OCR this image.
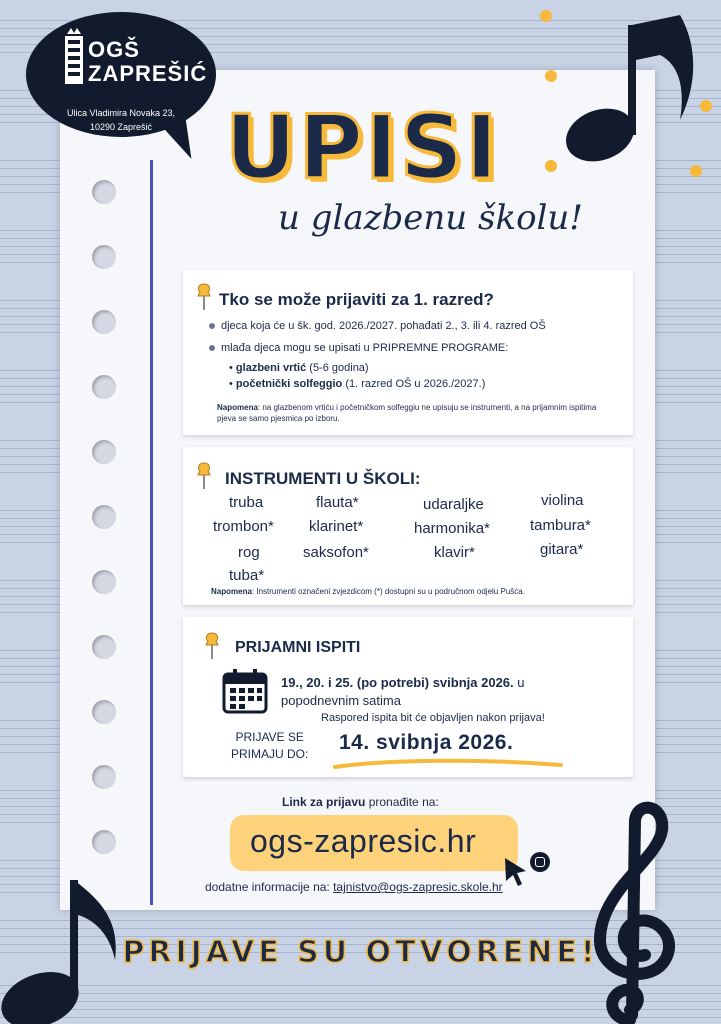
OGŠ
ZAPREŠIĆ
Ulica Vladimira Novaka 23,
10290 Zaprešić UPISI
u glazbenu školu!
Tko se može prijaviti za 1. razred?
djeca koja će u šk. god. 2026./2027. pohađati 2., 3. ili 4. razred OŠ
mlađa djeca mogu se upisati u PRIPREMNE PROGRAME:
• glazbeni vrtić (5-6 godina)
• početnički solfeggio (1. razred OŠ u 2026./2027.)
Napomena: na glazbenom vrtiću i početničkom solfeggiu ne upisuju se instrumenti, a na prijamnim ispitima pjeva se samo pjesmica po izboru.
INSTRUMENTI U ŠKOLI:
truba
trombon*
rog
tuba*
flauta*
klarinet*
saksofon*
udaraljke
harmonika*
klavir*
violina
tambura*
gitara*
Napomena: Instrumenti označeni zvjezdicom (*) dostupni su u područnom odjelu Pušća.
PRIJAMNI ISPITI
19., 20. i 25. (po potrebi) svibnja 2026. u
popodnevnim satima
Raspored ispita bit će objavljen nakon prijava!
PRIJAVE SE
PRIMAJU DO: 14. svibnja 2026.
Link za prijavu pronađite na:
ogs-zapresic.hr
dodatne informacije na: tajnistvo@ogs-zapresic.skole.hr
PRIJAVE SU OTVORENE!
